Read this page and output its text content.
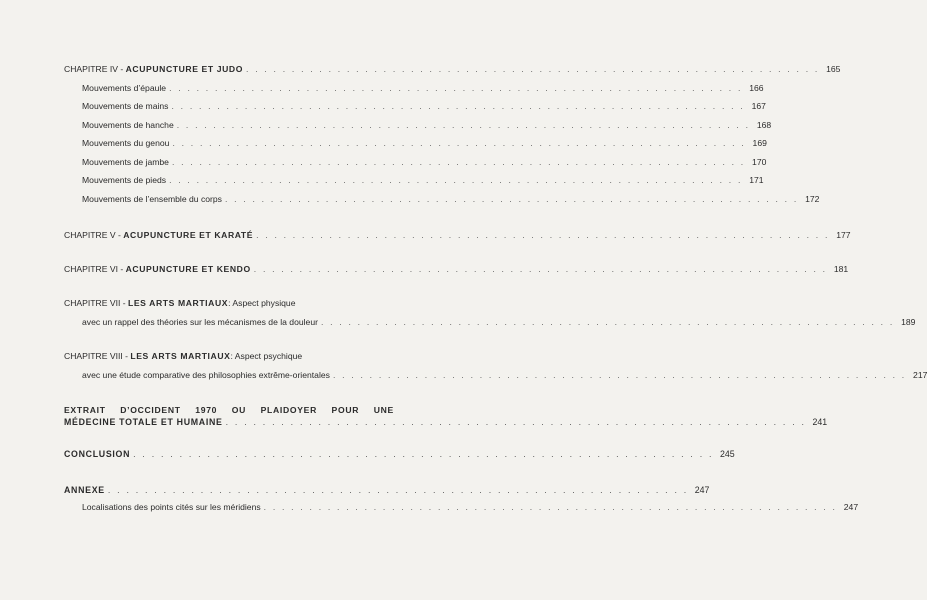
CHAPITRE IV - ACUPUNCTURE ET JUDO . . . . . . . . . . . . . . . . . . . . . . . . . . . . . . . . . . . . . . . . . . . . . . . . . . . . . . . . . . . . . . . 165
Mouvements d’épaule . . . . . . . . . . . . . . . . . . . . . . . . . . . . . . . . . . . . . . . . . . . . . . . . . . . . . . . . . . . . . . . 166
Mouvements de mains . . . . . . . . . . . . . . . . . . . . . . . . . . . . . . . . . . . . . . . . . . . . . . . . . . . . . . . . . . . . . . . 167
Mouvements de hanche . . . . . . . . . . . . . . . . . . . . . . . . . . . . . . . . . . . . . . . . . . . . . . . . . . . . . . . . . . . . . . . 168
Mouvements du genou . . . . . . . . . . . . . . . . . . . . . . . . . . . . . . . . . . . . . . . . . . . . . . . . . . . . . . . . . . . . . . . 169
Mouvements de jambe . . . . . . . . . . . . . . . . . . . . . . . . . . . . . . . . . . . . . . . . . . . . . . . . . . . . . . . . . . . . . . . 170
Mouvements de pieds . . . . . . . . . . . . . . . . . . . . . . . . . . . . . . . . . . . . . . . . . . . . . . . . . . . . . . . . . . . . . . . 171
Mouvements de l’ensemble du corps . . . . . . . . . . . . . . . . . . . . . . . . . . . . . . . . . . . . . . . . . . . . . . . . . . . . . . . . . . . . . . . 172
CHAPITRE V - ACUPUNCTURE ET KARATÉ . . . . . . . . . . . . . . . . . . . . . . . . . . . . . . . . . . . . . . . . . . . . . . . . . . . . . . . . . . . . . . . 177
CHAPITRE VI - ACUPUNCTURE ET KENDO . . . . . . . . . . . . . . . . . . . . . . . . . . . . . . . . . . . . . . . . . . . . . . . . . . . . . . . . . . . . . . . 181
CHAPITRE VII - LES ARTS MARTIAUX: Aspect physique
avec un rappel des théories sur les mécanismes de la douleur . . . . . . . . . . . . . . . . . . . . . . . . . . . . . . . . . . . . . . . . . . . . . . . . . . . . . . . . . . . . . . . 189
CHAPITRE VIII - LES ARTS MARTIAUX: Aspect psychique
avec une étude comparative des philosophies extrême-orientales . . . . . . . . . . . . . . . . . . . . . . . . . . . . . . . . . . . . . . . . . . . . . . . . . . . . . . . . . . . . . . . 217
EXTRAIT D’OCCIDENT 1970 OU PLAIDOYER POUR UNE
MÉDECINE TOTALE ET HUMAINE . . . . . . . . . . . . . . . . . . . . . . . . . . . . . . . . . . . . . . . . . . . . . . . . . . . . . . . . . . . . . . . 241
CONCLUSION . . . . . . . . . . . . . . . . . . . . . . . . . . . . . . . . . . . . . . . . . . . . . . . . . . . . . . . . . . . . . . . 245
ANNEXE . . . . . . . . . . . . . . . . . . . . . . . . . . . . . . . . . . . . . . . . . . . . . . . . . . . . . . . . . . . . . . . 247
Localisations des points cités sur les méridiens . . . . . . . . . . . . . . . . . . . . . . . . . . . . . . . . . . . . . . . . . . . . . . . . . . . . . . . . . . . . . . . 247
